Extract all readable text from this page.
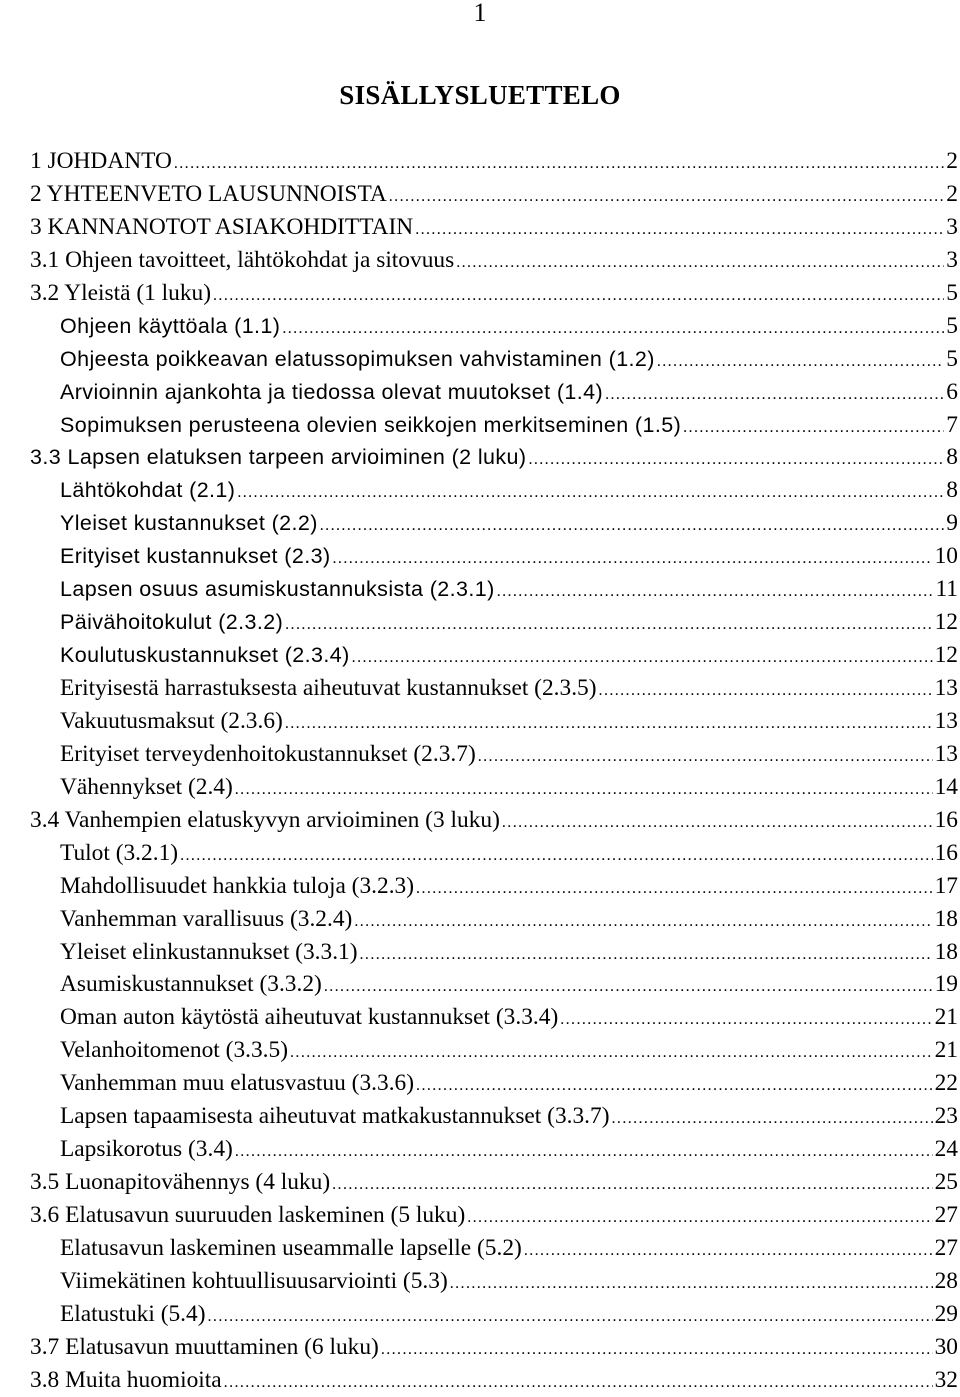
1
SISÄLLYSLUETTELO
1 JOHDANTO .....	2
2 YHTEENVETO LAUSUNNOISTA .....	2
3 KANNANOTOT ASIAKOHDITTAIN .....	3
3.1 Ohjeen tavoitteet, lähtökohdat ja sitovuus .....	3
3.2 Yleistä (1 luku) .....	5
Ohjeen käyttöala (1.1) .....	5
Ohjeesta poikkeavan elatussopimuksen vahvistaminen (1.2) .....	5
Arvioinnin ajankohta ja tiedossa olevat muutokset (1.4) .....	6
Sopimuksen perusteena olevien seikkojen merkitseminen (1.5) .....	7
3.3 Lapsen elatuksen tarpeen arvioiminen (2 luku) .....	8
Lähtökohdat (2.1) .....	8
Yleiset kustannukset (2.2) .....	9
Erityiset kustannukset (2.3) .....	10
Lapsen osuus asumiskustannuksista (2.3.1) .....	11
Päivähoitokulut (2.3.2) .....	12
Koulutuskustannukset (2.3.4) .....	12
Erityisestä harrastuksesta aiheutuvat kustannukset (2.3.5) .....	13
Vakuutusmaksut (2.3.6) .....	13
Erityiset terveydenhoitokustannukset (2.3.7) .....	13
Vähennykset (2.4) .....	14
3.4 Vanhempien elatuskyvyn arvioiminen (3 luku) .....	16
Tulot (3.2.1) .....	16
Mahdollisuudet hankkia tuloja (3.2.3) .....	17
Vanhemman varallisuus (3.2.4) .....	18
Yleiset elinkustannukset (3.3.1) .....	18
Asumiskustannukset (3.3.2) .....	19
Oman auton käytöstä aiheutuvat kustannukset (3.3.4) .....	21
Velanhoitomenot (3.3.5) .....	21
Vanhemman muu elatusvastuu (3.3.6) .....	22
Lapsen tapaamisesta aiheutuvat matkakustannukset (3.3.7) .....	23
Lapsikorotus (3.4) .....	24
3.5 Luonapitovähennys (4 luku) .....	25
3.6 Elatusavun suuruuden laskeminen (5 luku) .....	27
Elatusavun laskeminen useammalle lapselle (5.2) .....	27
Viimekätinen kohtuullisuusarviointi (5.3) .....	28
Elatustuki (5.4) .....	29
3.7 Elatusavun muuttaminen (6 luku) .....	30
3.8 Muita huomioita .....	32
